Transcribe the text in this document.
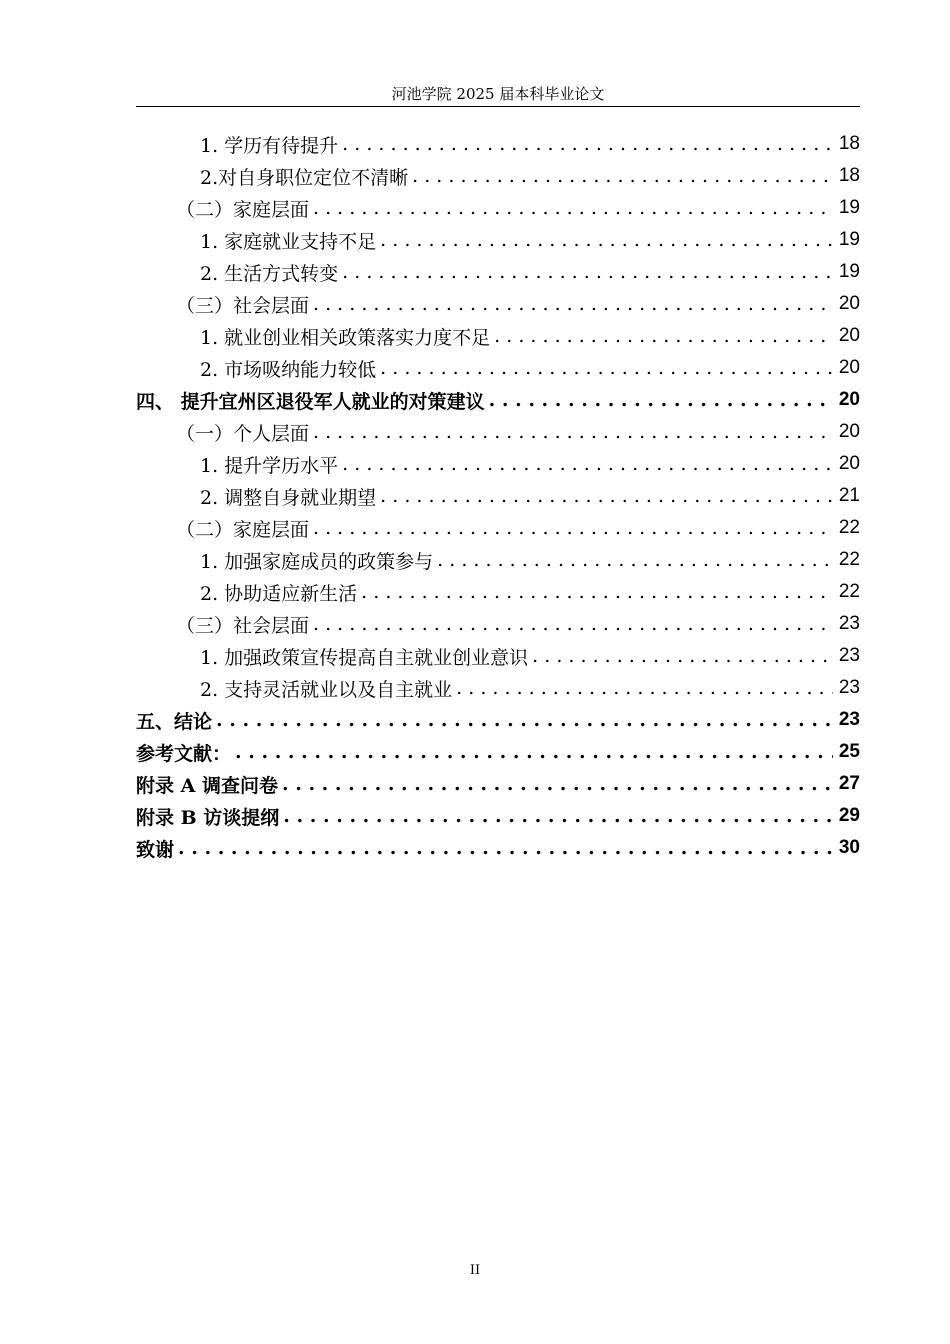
河池学院 2025 届本科毕业论文
1. 学历有待提升 . . .	18
2.对自身职位定位不清晰 . . .	18
（二）家庭层面 . . .	19
1. 家庭就业支持不足 . . .	19
2. 生活方式转变 . . .	19
（三）社会层面 . . .	20
1. 就业创业相关政策落实力度不足 . . .	20
2. 市场吸纳能力较低 . . .	20
四、 提升宜州区退役军人就业的对策建议 . . .	20
（一）个人层面 . . .	20
1. 提升学历水平 . . .	20
2. 调整自身就业期望 . . .	21
（二）家庭层面 . . .	22
1. 加强家庭成员的政策参与 . . .	22
2. 协助适应新生活 . . .	22
（三）社会层面 . . .	23
1. 加强政策宣传提高自主就业创业意识 . . .	23
2. 支持灵活就业以及自主就业 . . .	23
五、结论 . . .	23
参考文献： . . .	25
附录 A 调查问卷 . . .	27
附录 B 访谈提纲 . . .	29
致谢 . . .	30
II
